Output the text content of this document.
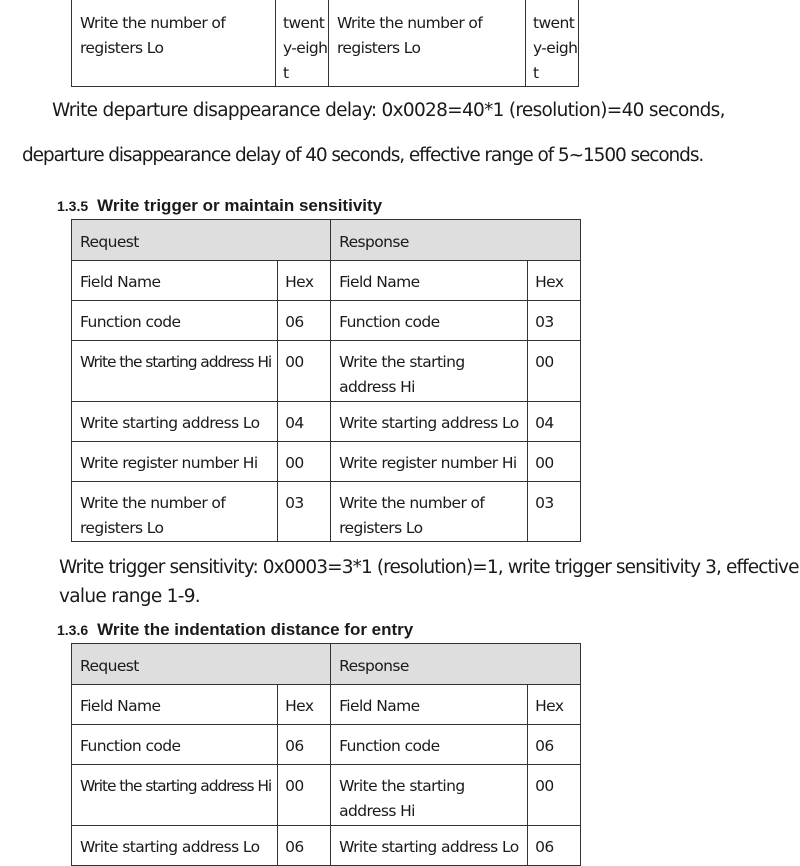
Write the number of registers Lo	twenty-eight	Write the number of registers Lo	twenty-eight

Write departure disappearance delay: 0x0028=40*1 (resolution)=40 seconds,

departure disappearance delay of 40 seconds, effective range of 5~1500 seconds.

1.3.5 Write trigger or maintain sensitivity
Request		Response	
Field Name	Hex	Field Name	Hex
Function code	06	Function code	03
Write the starting address Hi	00	Write the starting address Hi	00
Write starting address Lo	04	Write starting address Lo	04
Write register number Hi	00	Write register number Hi	00
Write the number of registers Lo	03	Write the number of registers Lo	03

Write trigger sensitivity: 0x0003=3*1 (resolution)=1, write trigger sensitivity 3, effective

value range 1-9.

1.3.6 Write the indentation distance for entry
Request		Response	
Field Name	Hex	Field Name	Hex
Function code	06	Function code	06
Write the starting address Hi	00	Write the starting address Hi	00
Write starting address Lo	06	Write starting address Lo	06
